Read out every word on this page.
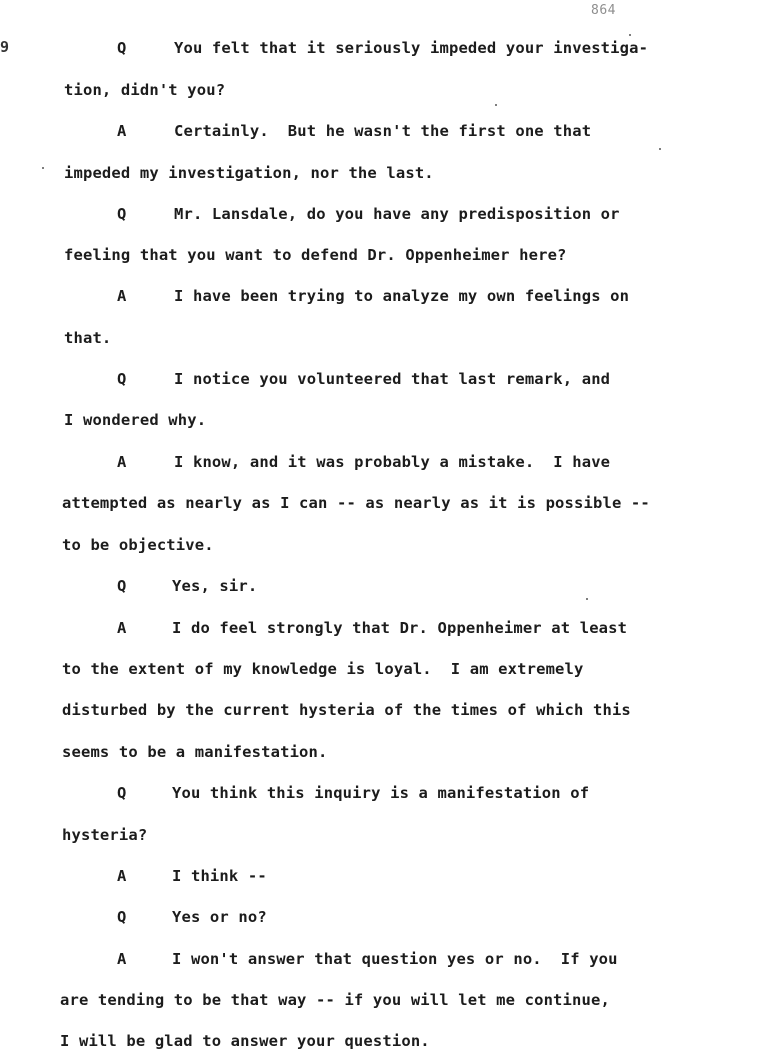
864
9	Q	You felt that it seriously impeded your investiga-
tion, didn't you?
A	Certainly.  But he wasn't the first one that
impeded my investigation, nor the last.
Q	Mr. Lansdale, do you have any predisposition or
feeling that you want to defend Dr. Oppenheimer here?
A	I have been trying to analyze my own feelings on
that.
Q	I notice you volunteered that last remark, and
I wondered why.
A	I know, and it was probably a mistake.  I have
attempted as nearly as I can -- as nearly as it is possible --
to be objective.
Q	Yes, sir.
A	I do feel strongly that Dr. Oppenheimer at least
to the extent of my knowledge is loyal.  I am extremely
disturbed by the current hysteria of the times of which this
seems to be a manifestation.
Q	You think this inquiry is a manifestation of
hysteria?
A	I think --
Q	Yes or no?
A	I won't answer that question yes or no.  If you
are tending to be that way -- if you will let me continue,
I will be glad to answer your question.
